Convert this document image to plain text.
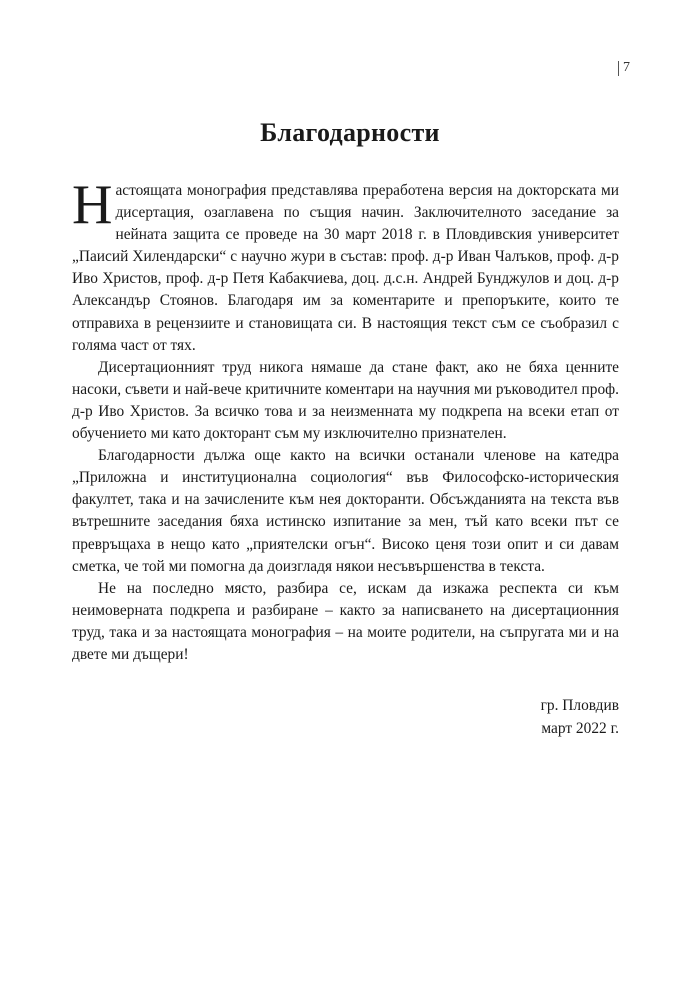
7
Благодарности

Настоящата монография представлява преработена версия на докторската ми дисертация, озаглавена по същия начин. Заключителното заседание за нейната защита се проведе на 30 март 2018 г. в Пловдивския университет „Паисий Хилендарски“ с научно жури в състав: проф. д-р Иван Чалъков, проф. д-р Иво Христов, проф. д-р Петя Кабакчиева, доц. д.с.н. Андрей Бунджулов и доц. д-р Александър Стоянов. Благодаря им за коментарите и препоръките, които те отправиха в рецензиите и становищата си. В настоящия текст съм се съобразил с голяма част от тях.

Дисертационният труд никога нямаше да стане факт, ако не бяха ценните насоки, съвети и най-вече критичните коментари на научния ми ръководител проф. д-р Иво Христов. За всичко това и за неизменната му подкрепа на всеки етап от обучението ми като докторант съм му изключително признателен.

Благодарности дължа още както на всички останали членове на катедра „Приложна и институционална социология“ във Философско-историческия факултет, така и на зачислените към нея докторанти. Обсъжданията на текста във вътрешните заседания бяха истинско изпитание за мен, тъй като всеки път се превръщаха в нещо като „приятелски огън“. Високо ценя този опит и си давам сметка, че той ми помогна да доизгладя някои несъвършенства в текста.

Не на последно място, разбира се, искам да изкажа респекта си към неимоверната подкрепа и разбиране – както за написването на дисертационния труд, така и за настоящата монография – на моите родители, на съпругата ми и на двете ми дъщери!

гр. Пловдив
март 2022 г.
